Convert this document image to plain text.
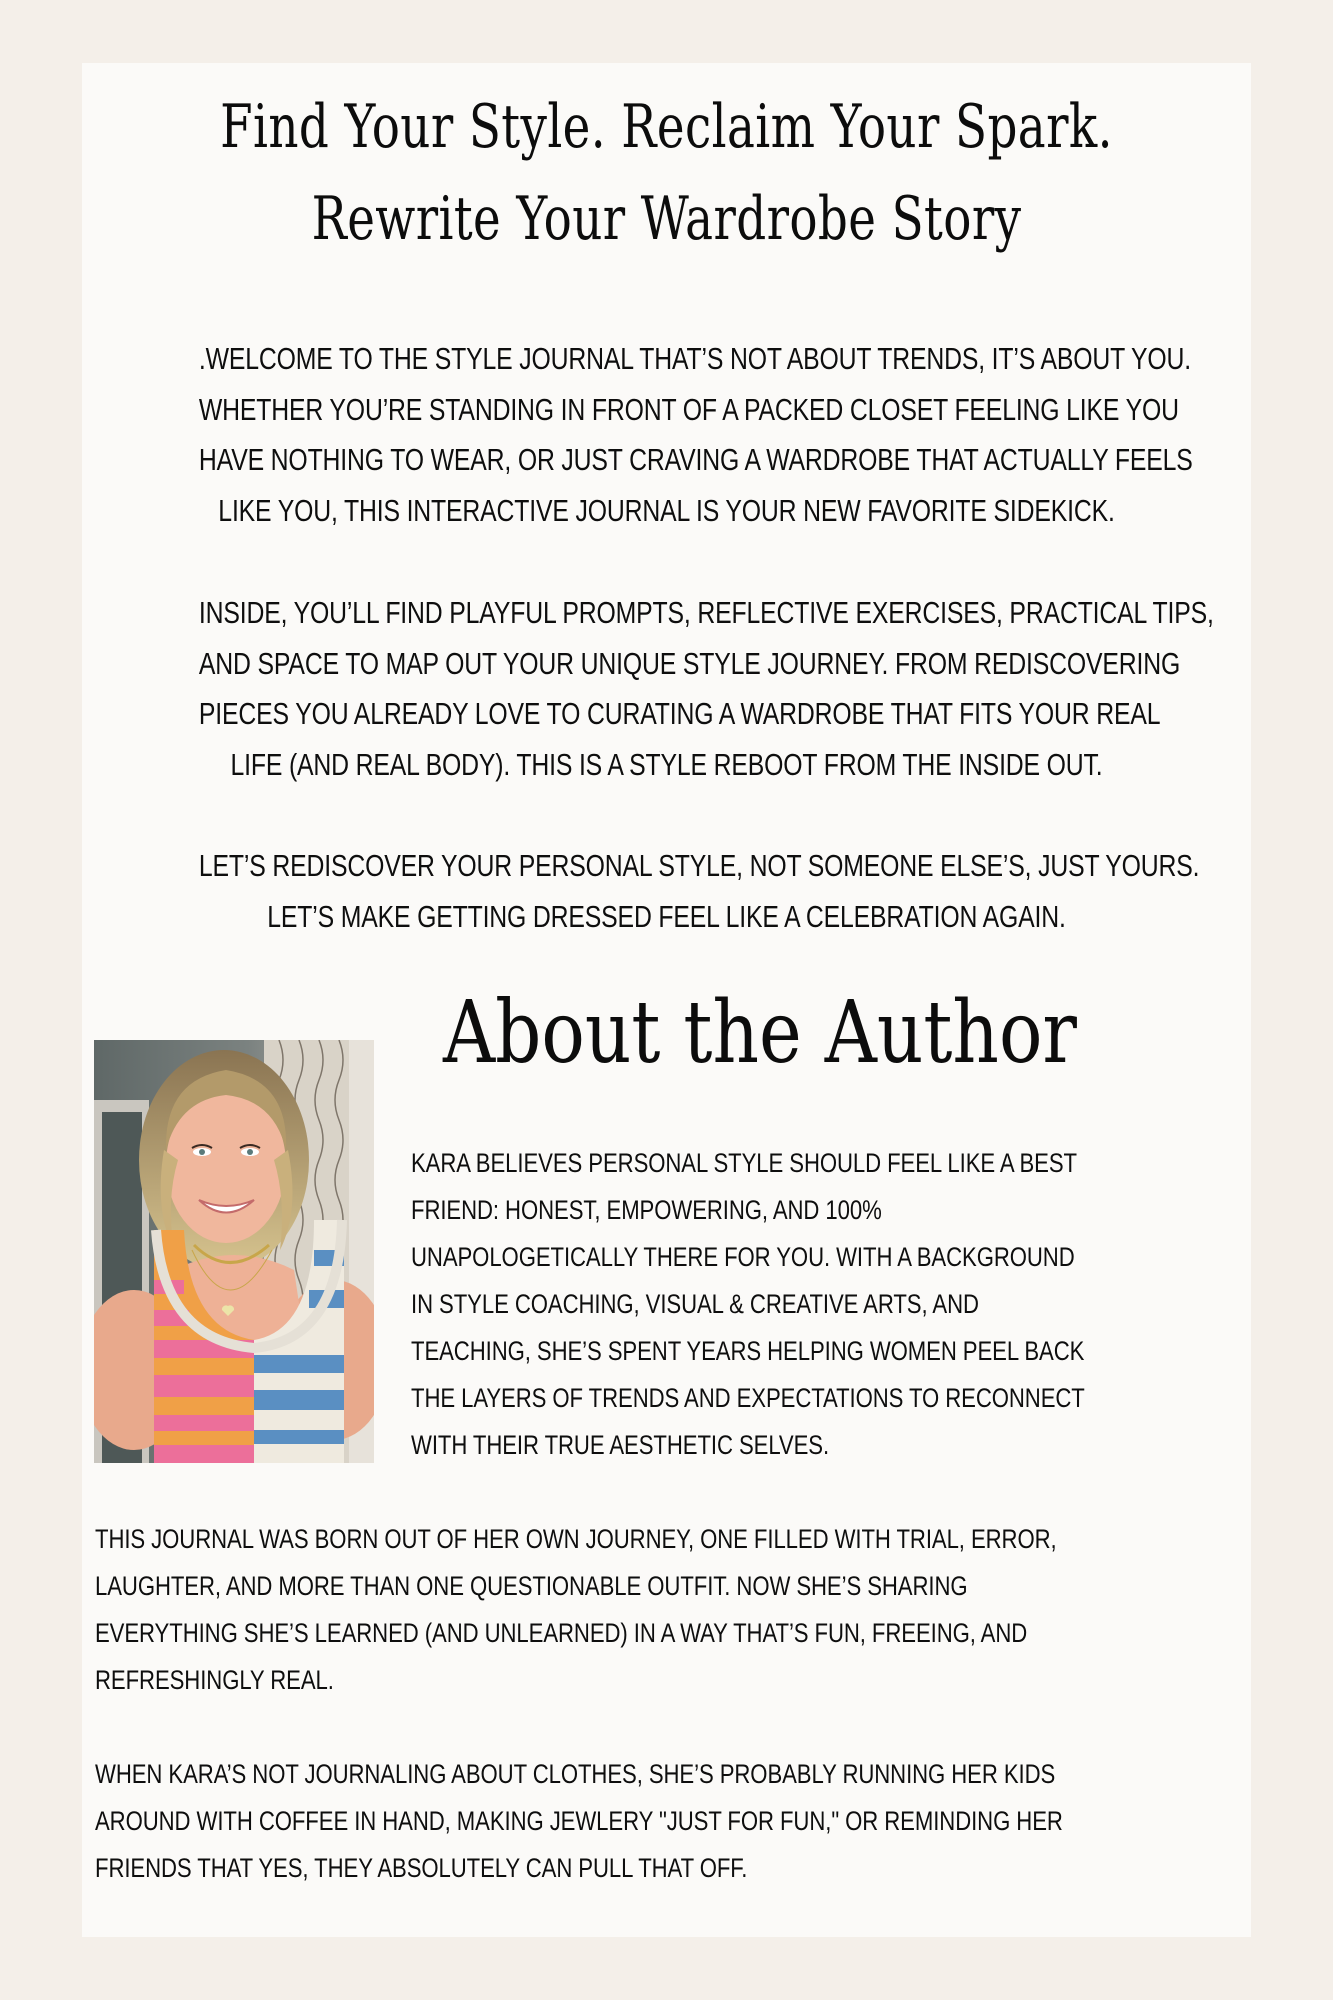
Find Your Style. Reclaim Your Spark.
Rewrite Your Wardrobe Story
.WELCOME TO THE STYLE JOURNAL THAT’S NOT ABOUT TRENDS, IT’S ABOUT YOU.
WHETHER YOU’RE STANDING IN FRONT OF A PACKED CLOSET FEELING LIKE YOU
HAVE NOTHING TO WEAR, OR JUST CRAVING A WARDROBE THAT ACTUALLY FEELS
LIKE YOU, THIS INTERACTIVE JOURNAL IS YOUR NEW FAVORITE SIDEKICK.
INSIDE, YOU’LL FIND PLAYFUL PROMPTS, REFLECTIVE EXERCISES, PRACTICAL TIPS,
AND SPACE TO MAP OUT YOUR UNIQUE STYLE JOURNEY. FROM REDISCOVERING
PIECES YOU ALREADY LOVE TO CURATING A WARDROBE THAT FITS YOUR REAL
LIFE (AND REAL BODY). THIS IS A STYLE REBOOT FROM THE INSIDE OUT.
LET’S REDISCOVER YOUR PERSONAL STYLE, NOT SOMEONE ELSE’S, JUST YOURS.
LET’S MAKE GETTING DRESSED FEEL LIKE A CELEBRATION AGAIN.
About the Author
KARA BELIEVES PERSONAL STYLE SHOULD FEEL LIKE A BEST
FRIEND: HONEST, EMPOWERING, AND 100%
UNAPOLOGETICALLY THERE FOR YOU. WITH A BACKGROUND
IN STYLE COACHING, VISUAL & CREATIVE ARTS, AND
TEACHING, SHE’S SPENT YEARS HELPING WOMEN PEEL BACK
THE LAYERS OF TRENDS AND EXPECTATIONS TO RECONNECT
WITH THEIR TRUE AESTHETIC SELVES.
THIS JOURNAL WAS BORN OUT OF HER OWN JOURNEY, ONE FILLED WITH TRIAL, ERROR,
LAUGHTER, AND MORE THAN ONE QUESTIONABLE OUTFIT. NOW SHE’S SHARING
EVERYTHING SHE’S LEARNED (AND UNLEARNED) IN A WAY THAT’S FUN, FREEING, AND
REFRESHINGLY REAL.
WHEN KARA’S NOT JOURNALING ABOUT CLOTHES, SHE’S PROBABLY RUNNING HER KIDS
AROUND WITH COFFEE IN HAND, MAKING JEWLERY "JUST FOR FUN," OR REMINDING HER
FRIENDS THAT YES, THEY ABSOLUTELY CAN PULL THAT OFF.
